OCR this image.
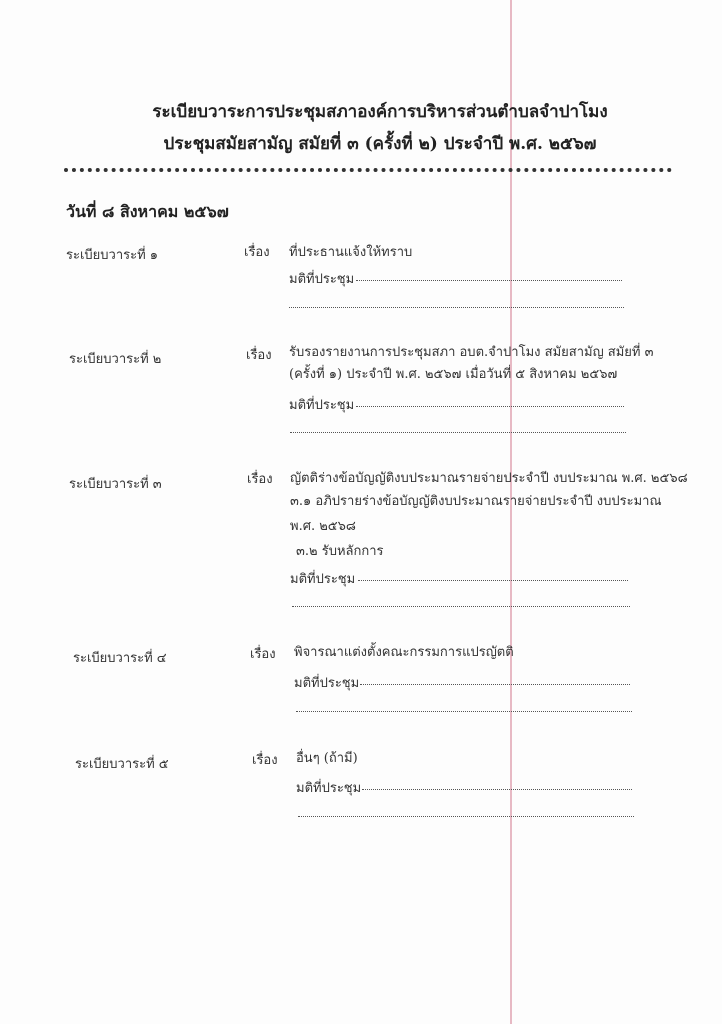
ระเบียบวาระการประชุมสภาองค์การบริหารส่วนตำบลจำปาโมง
ประชุมสมัยสามัญ สมัยที่ ๓ (ครั้งที่ ๒) ประจำปี พ.ศ. ๒๕๖๗
วันที่ ๘ สิงหาคม ๒๕๖๗
ระเบียบวาระที่ ๑	เรื่อง ที่ประธานแจ้งให้ทราบ
มติที่ประชุม
ระเบียบวาระที่ ๒	เรื่อง รับรองรายงานการประชุมสภา อบต.จำปาโมง สมัยสามัญ สมัยที่ ๓
(ครั้งที่ ๑) ประจำปี พ.ศ. ๒๕๖๗ เมื่อวันที่ ๕ สิงหาคม ๒๕๖๗
มติที่ประชุม
ระเบียบวาระที่ ๓	เรื่อง ญัตติร่างข้อบัญญัติงบประมาณรายจ่ายประจำปี งบประมาณ พ.ศ. ๒๕๖๘
๓.๑ อภิปรายร่างข้อบัญญัติงบประมาณรายจ่ายประจำปี งบประมาณ
พ.ศ. ๒๕๖๘
๓.๒ รับหลักการ
มติที่ประชุม
ระเบียบวาระที่ ๔	เรื่อง พิจารณาแต่งตั้งคณะกรรมการแปรญัตติ
มติที่ประชุม
ระเบียบวาระที่ ๕	เรื่อง อื่นๆ (ถ้ามี)
มติที่ประชุม
